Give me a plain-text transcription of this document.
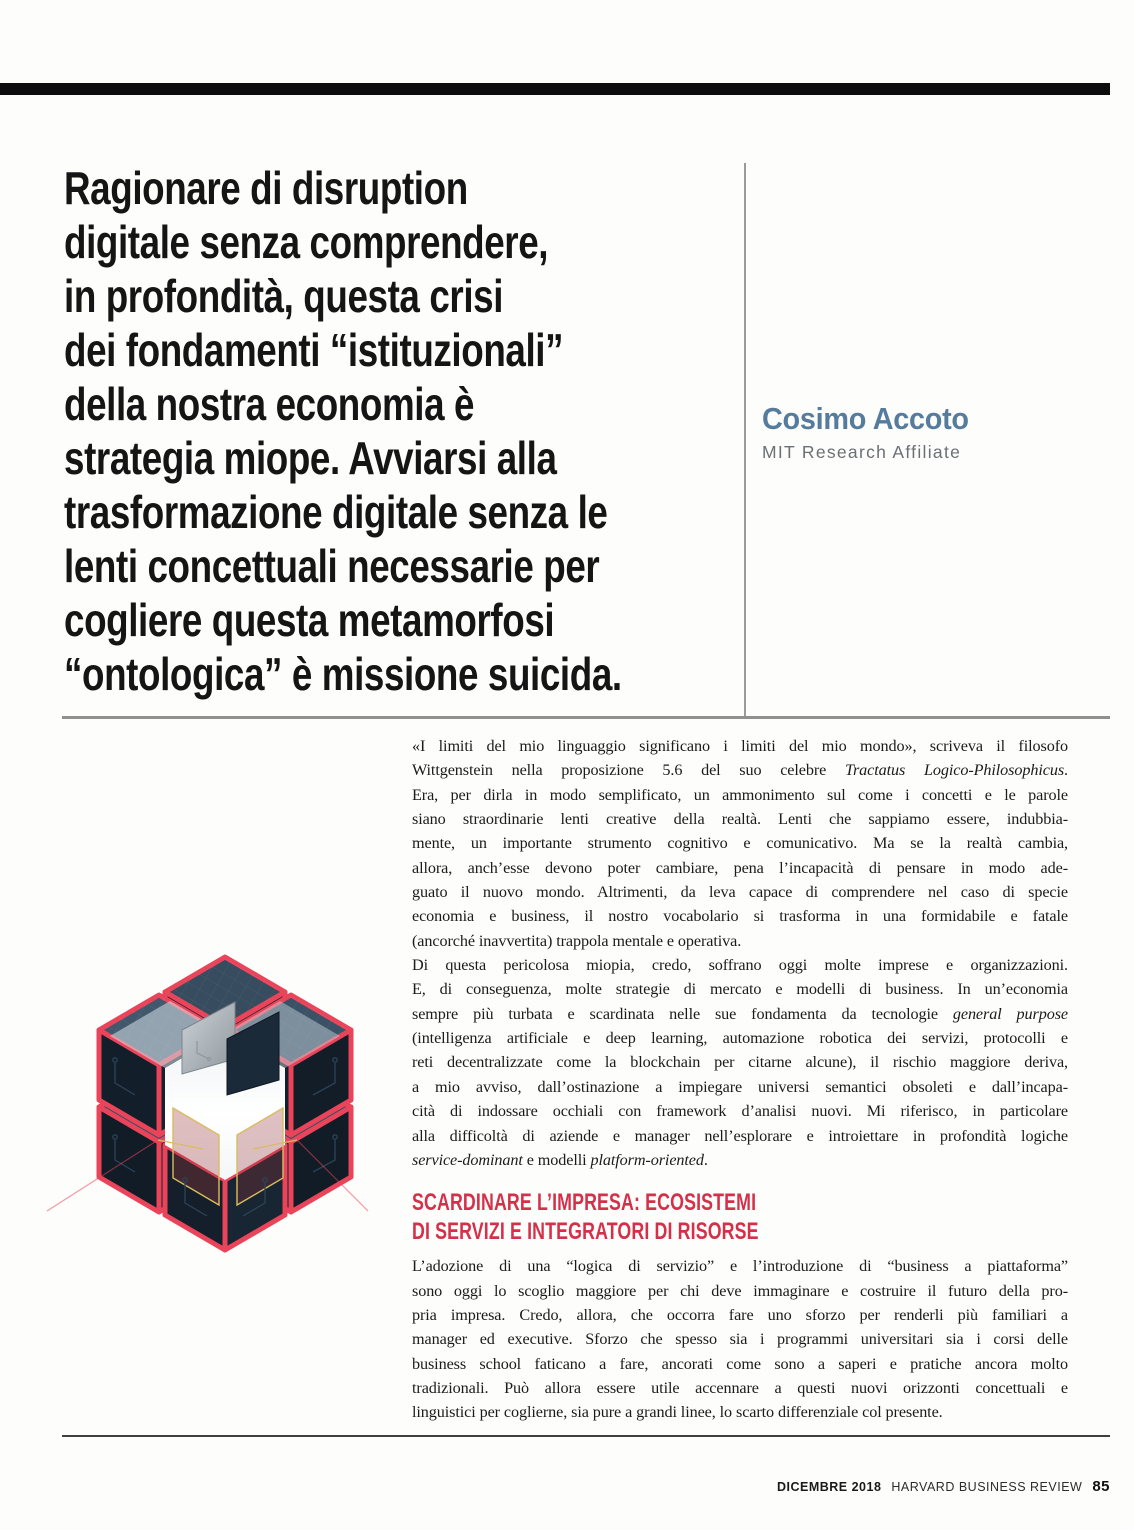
Ragionare di disruption
digitale senza comprendere,
in profondità, questa crisi
dei fondamenti “istituzionali”
della nostra economia è
strategia miope. Avviarsi alla
trasformazione digitale senza le
lenti concettuali necessarie per
cogliere questa metamorfosi
“ontologica” è missione suicida.
Cosimo Accoto
MIT Research Affiliate
«I limiti del mio linguaggio significano i limiti del mio mondo», scriveva il filosofo
Wittgenstein nella proposizione 5.6 del suo celebre Tractatus Logico-Philosophicus.
Era, per dirla in modo semplificato, un ammonimento sul come i concetti e le parole
siano straordinarie lenti creative della realtà. Lenti che sappiamo essere, indubbia-
mente, un importante strumento cognitivo e comunicativo. Ma se la realtà cambia,
allora, anch’esse devono poter cambiare, pena l’incapacità di pensare in modo ade-
guato il nuovo mondo. Altrimenti, da leva capace di comprendere nel caso di specie
economia e business, il nostro vocabolario si trasforma in una formidabile e fatale
(ancorché inavvertita) trappola mentale e operativa.
Di questa pericolosa miopia, credo, soffrano oggi molte imprese e organizzazioni.
E, di conseguenza, molte strategie di mercato e modelli di business. In un’economia
sempre più turbata e scardinata nelle sue fondamenta da tecnologie general purpose
(intelligenza artificiale e deep learning, automazione robotica dei servizi, protocolli e
reti decentralizzate come la blockchain per citarne alcune), il rischio maggiore deriva,
a mio avviso, dall’ostinazione a impiegare universi semantici obsoleti e dall’incapa-
cità di indossare occhiali con framework d’analisi nuovi. Mi riferisco, in particolare
alla difficoltà di aziende e manager nell’esplorare e introiettare in profondità logiche
service-dominant e modelli platform-oriented.
SCARDINARE L’IMPRESA: ECOSISTEMI
DI SERVIZI E INTEGRATORI DI RISORSE
L’adozione di una “logica di servizio” e l’introduzione di “business a piattaforma”
sono oggi lo scoglio maggiore per chi deve immaginare e costruire il futuro della pro-
pria impresa. Credo, allora, che occorra fare uno sforzo per renderli più familiari a
manager ed executive. Sforzo che spesso sia i programmi universitari sia i corsi delle
business school faticano a fare, ancorati come sono a saperi e pratiche ancora molto
tradizionali. Può allora essere utile accennare a questi nuovi orizzonti concettuali e
linguistici per coglierne, sia pure a grandi linee, lo scarto differenziale col presente.
DICEMBRE 2018 HARVARD BUSINESS REVIEW 85
